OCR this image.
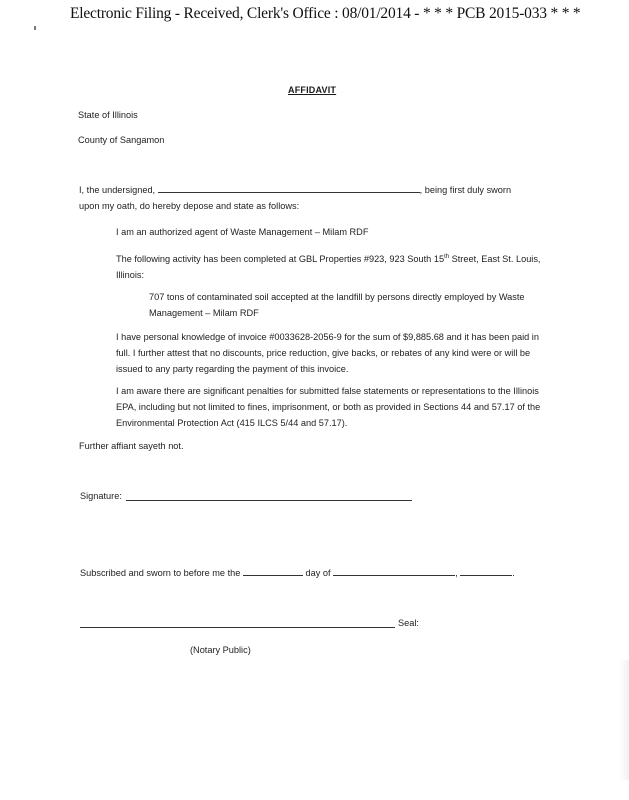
Electronic Filing - Received, Clerk's Office : 08/01/2014 - * * * PCB 2015-033 * * *
AFFIDAVIT
State of Illinois
County of Sangamon
I, the undersigned,	, being first duly sworn
upon my oath, do hereby depose and state as follows:
I am an authorized agent of Waste Management – Milam RDF
The following activity has been completed at GBL Properties #923, 923 South 15th Street, East St. Louis, Illinois:
707 tons of contaminated soil accepted at the landfill by persons directly employed by Waste Management – Milam RDF
I have personal knowledge of invoice #0033628-2056-9 for the sum of $9,885.68 and it has been paid in full. I further attest that no discounts, price reduction, give backs, or rebates of any kind were or will be issued to any party regarding the payment of this invoice.
I am aware there are significant penalties for submitted false statements or representations to the Illinois EPA, including but not limited to fines, imprisonment, or both as provided in Sections 44 and 57.17 of the Environmental Protection Act (415 ILCS 5/44 and 57.17).
Further affiant sayeth not.
Signature:
Subscribed and sworn to before me the	day of	,	.
Seal:
(Notary Public)
